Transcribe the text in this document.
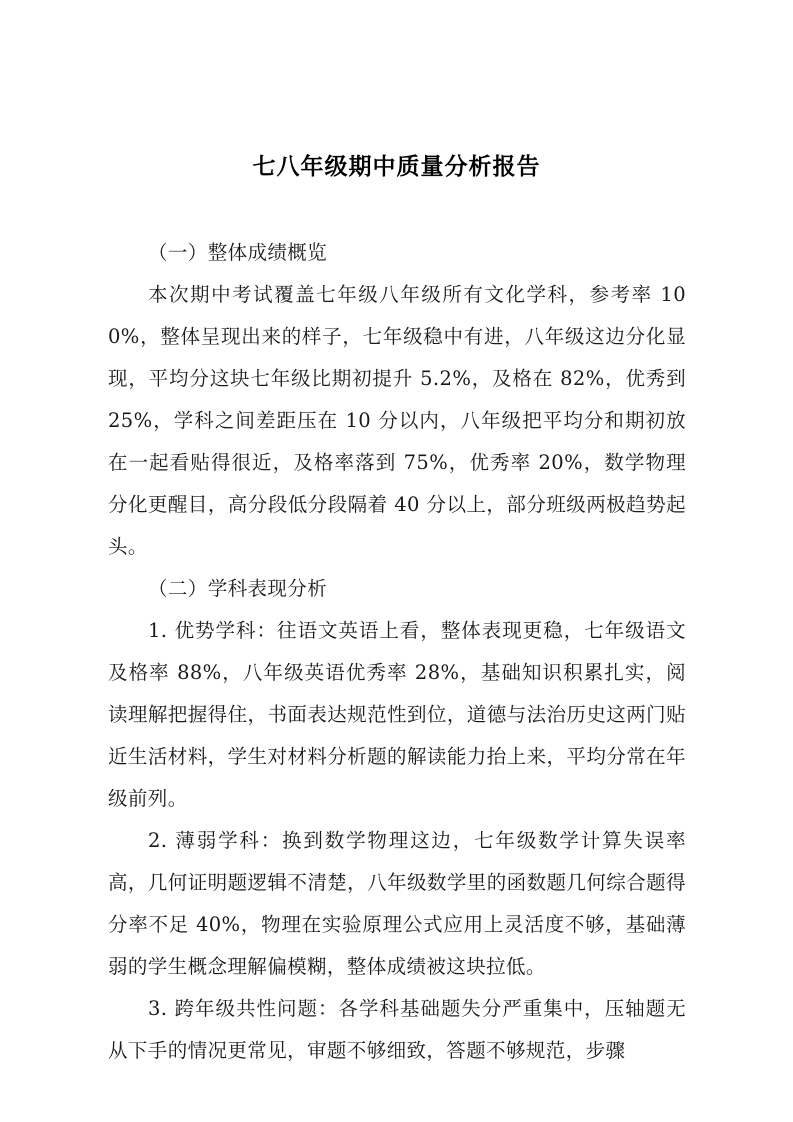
七八年级期中质量分析报告

（一）整体成绩概览

本次期中考试覆盖七年级八年级所有文化学科，参考率 100%，整体呈现出来的样子，七年级稳中有进，八年级这边分化显现，平均分这块七年级比期初提升 5.2%，及格在 82%，优秀到 25%，学科之间差距压在 10 分以内，八年级把平均分和期初放在一起看贴得很近，及格率落到 75%，优秀率 20%，数学物理分化更醒目，高分段低分段隔着 40 分以上，部分班级两极趋势起头。

（二）学科表现分析

1. 优势学科：往语文英语上看，整体表现更稳，七年级语文及格率 88%，八年级英语优秀率 28%，基础知识积累扎实，阅读理解把握得住，书面表达规范性到位，道德与法治历史这两门贴近生活材料，学生对材料分析题的解读能力抬上来，平均分常在年级前列。

2. 薄弱学科：换到数学物理这边，七年级数学计算失误率高，几何证明题逻辑不清楚，八年级数学里的函数题几何综合题得分率不足 40%，物理在实验原理公式应用上灵活度不够，基础薄弱的学生概念理解偏模糊，整体成绩被这块拉低。

3. 跨年级共性问题：各学科基础题失分严重集中，压轴题无从下手的情况更常见，审题不够细致，答题不够规范，步骤
